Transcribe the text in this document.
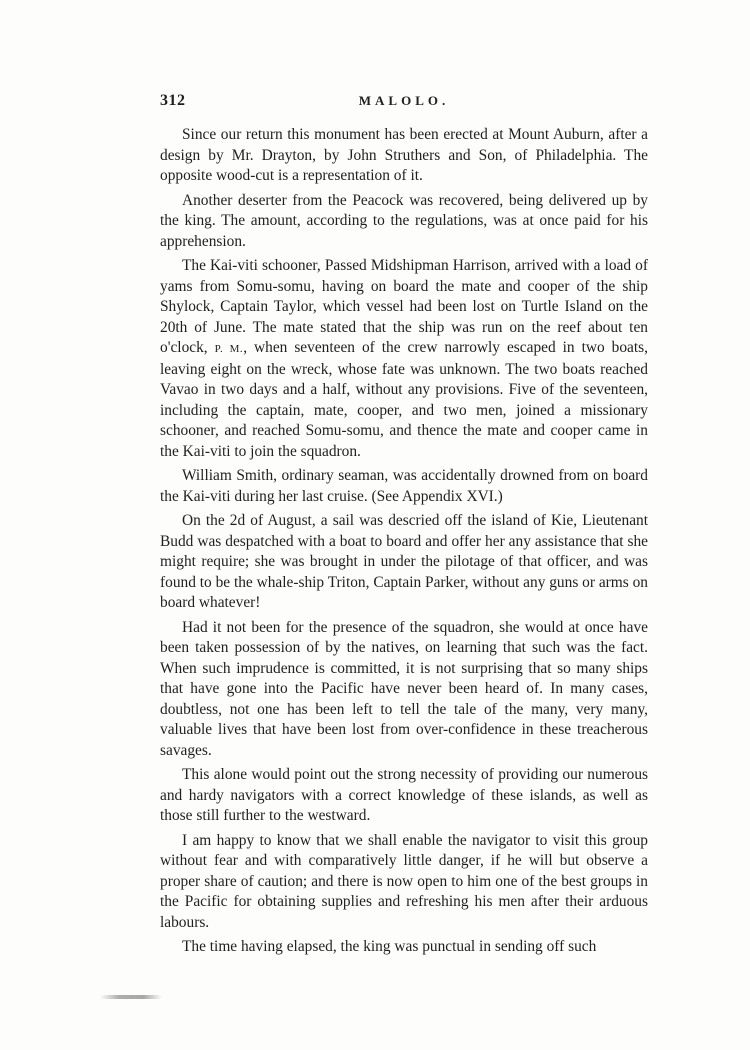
312	MALOLO.

Since our return this monument has been erected at Mount Auburn, after a design by Mr. Drayton, by John Struthers and Son, of Philadelphia. The opposite wood-cut is a representation of it.

Another deserter from the Peacock was recovered, being delivered up by the king. The amount, according to the regulations, was at once paid for his apprehension.

The Kai-viti schooner, Passed Midshipman Harrison, arrived with a load of yams from Somu-somu, having on board the mate and cooper of the ship Shylock, Captain Taylor, which vessel had been lost on Turtle Island on the 20th of June. The mate stated that the ship was run on the reef about ten o'clock, P. M., when seventeen of the crew narrowly escaped in two boats, leaving eight on the wreck, whose fate was unknown. The two boats reached Vavao in two days and a half, without any provisions. Five of the seventeen, including the captain, mate, cooper, and two men, joined a missionary schooner, and reached Somu-somu, and thence the mate and cooper came in the Kai-viti to join the squadron.

William Smith, ordinary seaman, was accidentally drowned from on board the Kai-viti during her last cruise. (See Appendix XVI.)

On the 2d of August, a sail was descried off the island of Kie, Lieutenant Budd was despatched with a boat to board and offer her any assistance that she might require; she was brought in under the pilotage of that officer, and was found to be the whale-ship Triton, Captain Parker, without any guns or arms on board whatever!

Had it not been for the presence of the squadron, she would at once have been taken possession of by the natives, on learning that such was the fact. When such imprudence is committed, it is not surprising that so many ships that have gone into the Pacific have never been heard of. In many cases, doubtless, not one has been left to tell the tale of the many, very many, valuable lives that have been lost from over-confidence in these treacherous savages.

This alone would point out the strong necessity of providing our numerous and hardy navigators with a correct knowledge of these islands, as well as those still further to the westward.

I am happy to know that we shall enable the navigator to visit this group without fear and with comparatively little danger, if he will but observe a proper share of caution; and there is now open to him one of the best groups in the Pacific for obtaining supplies and refreshing his men after their arduous labours.

The time having elapsed, the king was punctual in sending off such
